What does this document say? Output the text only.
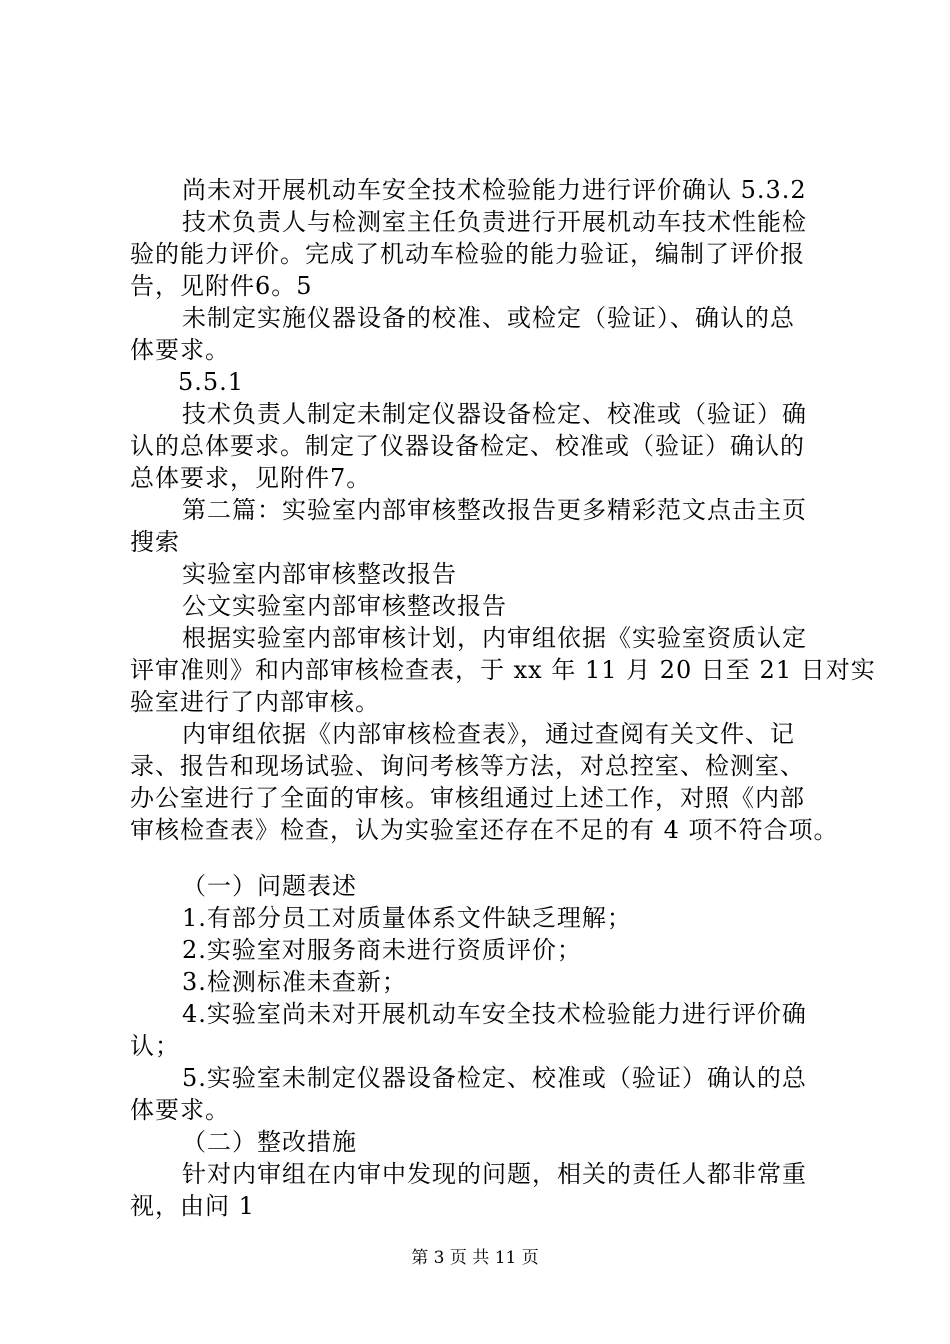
尚未对开展机动车安全技术检验能力进行评价确认 5.3.2
技术负责人与检测室主任负责进行开展机动车技术性能检
验的能力评价。完成了机动车检验的能力验证，编制了评价报
告，见附件6。5
未制定实施仪器设备的校准、或检定（验证）、确认的总
体要求。
5.5.1
技术负责人制定未制定仪器设备检定、校准或（验证）确
认的总体要求。制定了仪器设备检定、校准或（验证）确认的
总体要求，见附件7。
第二篇：实验室内部审核整改报告更多精彩范文点击主页
搜索
实验室内部审核整改报告
公文实验室内部审核整改报告
根据实验室内部审核计划，内审组依据《实验室资质认定
评审准则》和内部审核检查表，于 xx 年 11 月 20 日至 21 日对实
验室进行了内部审核。
内审组依据《内部审核检查表》，通过查阅有关文件、记
录、报告和现场试验、询问考核等方法，对总控室、检测室、
办公室进行了全面的审核。审核组通过上述工作，对照《内部
审核检查表》检查，认为实验室还存在不足的有 4 项不符合项。
（一）问题表述
1.有部分员工对质量体系文件缺乏理解；
2.实验室对服务商未进行资质评价；
3.检测标准未查新；
4.实验室尚未对开展机动车安全技术检验能力进行评价确
认；
5.实验室未制定仪器设备检定、校准或（验证）确认的总
体要求。
（二）整改措施
针对内审组在内审中发现的问题，相关的责任人都非常重
视，由问 1
第 3 页 共 11 页
